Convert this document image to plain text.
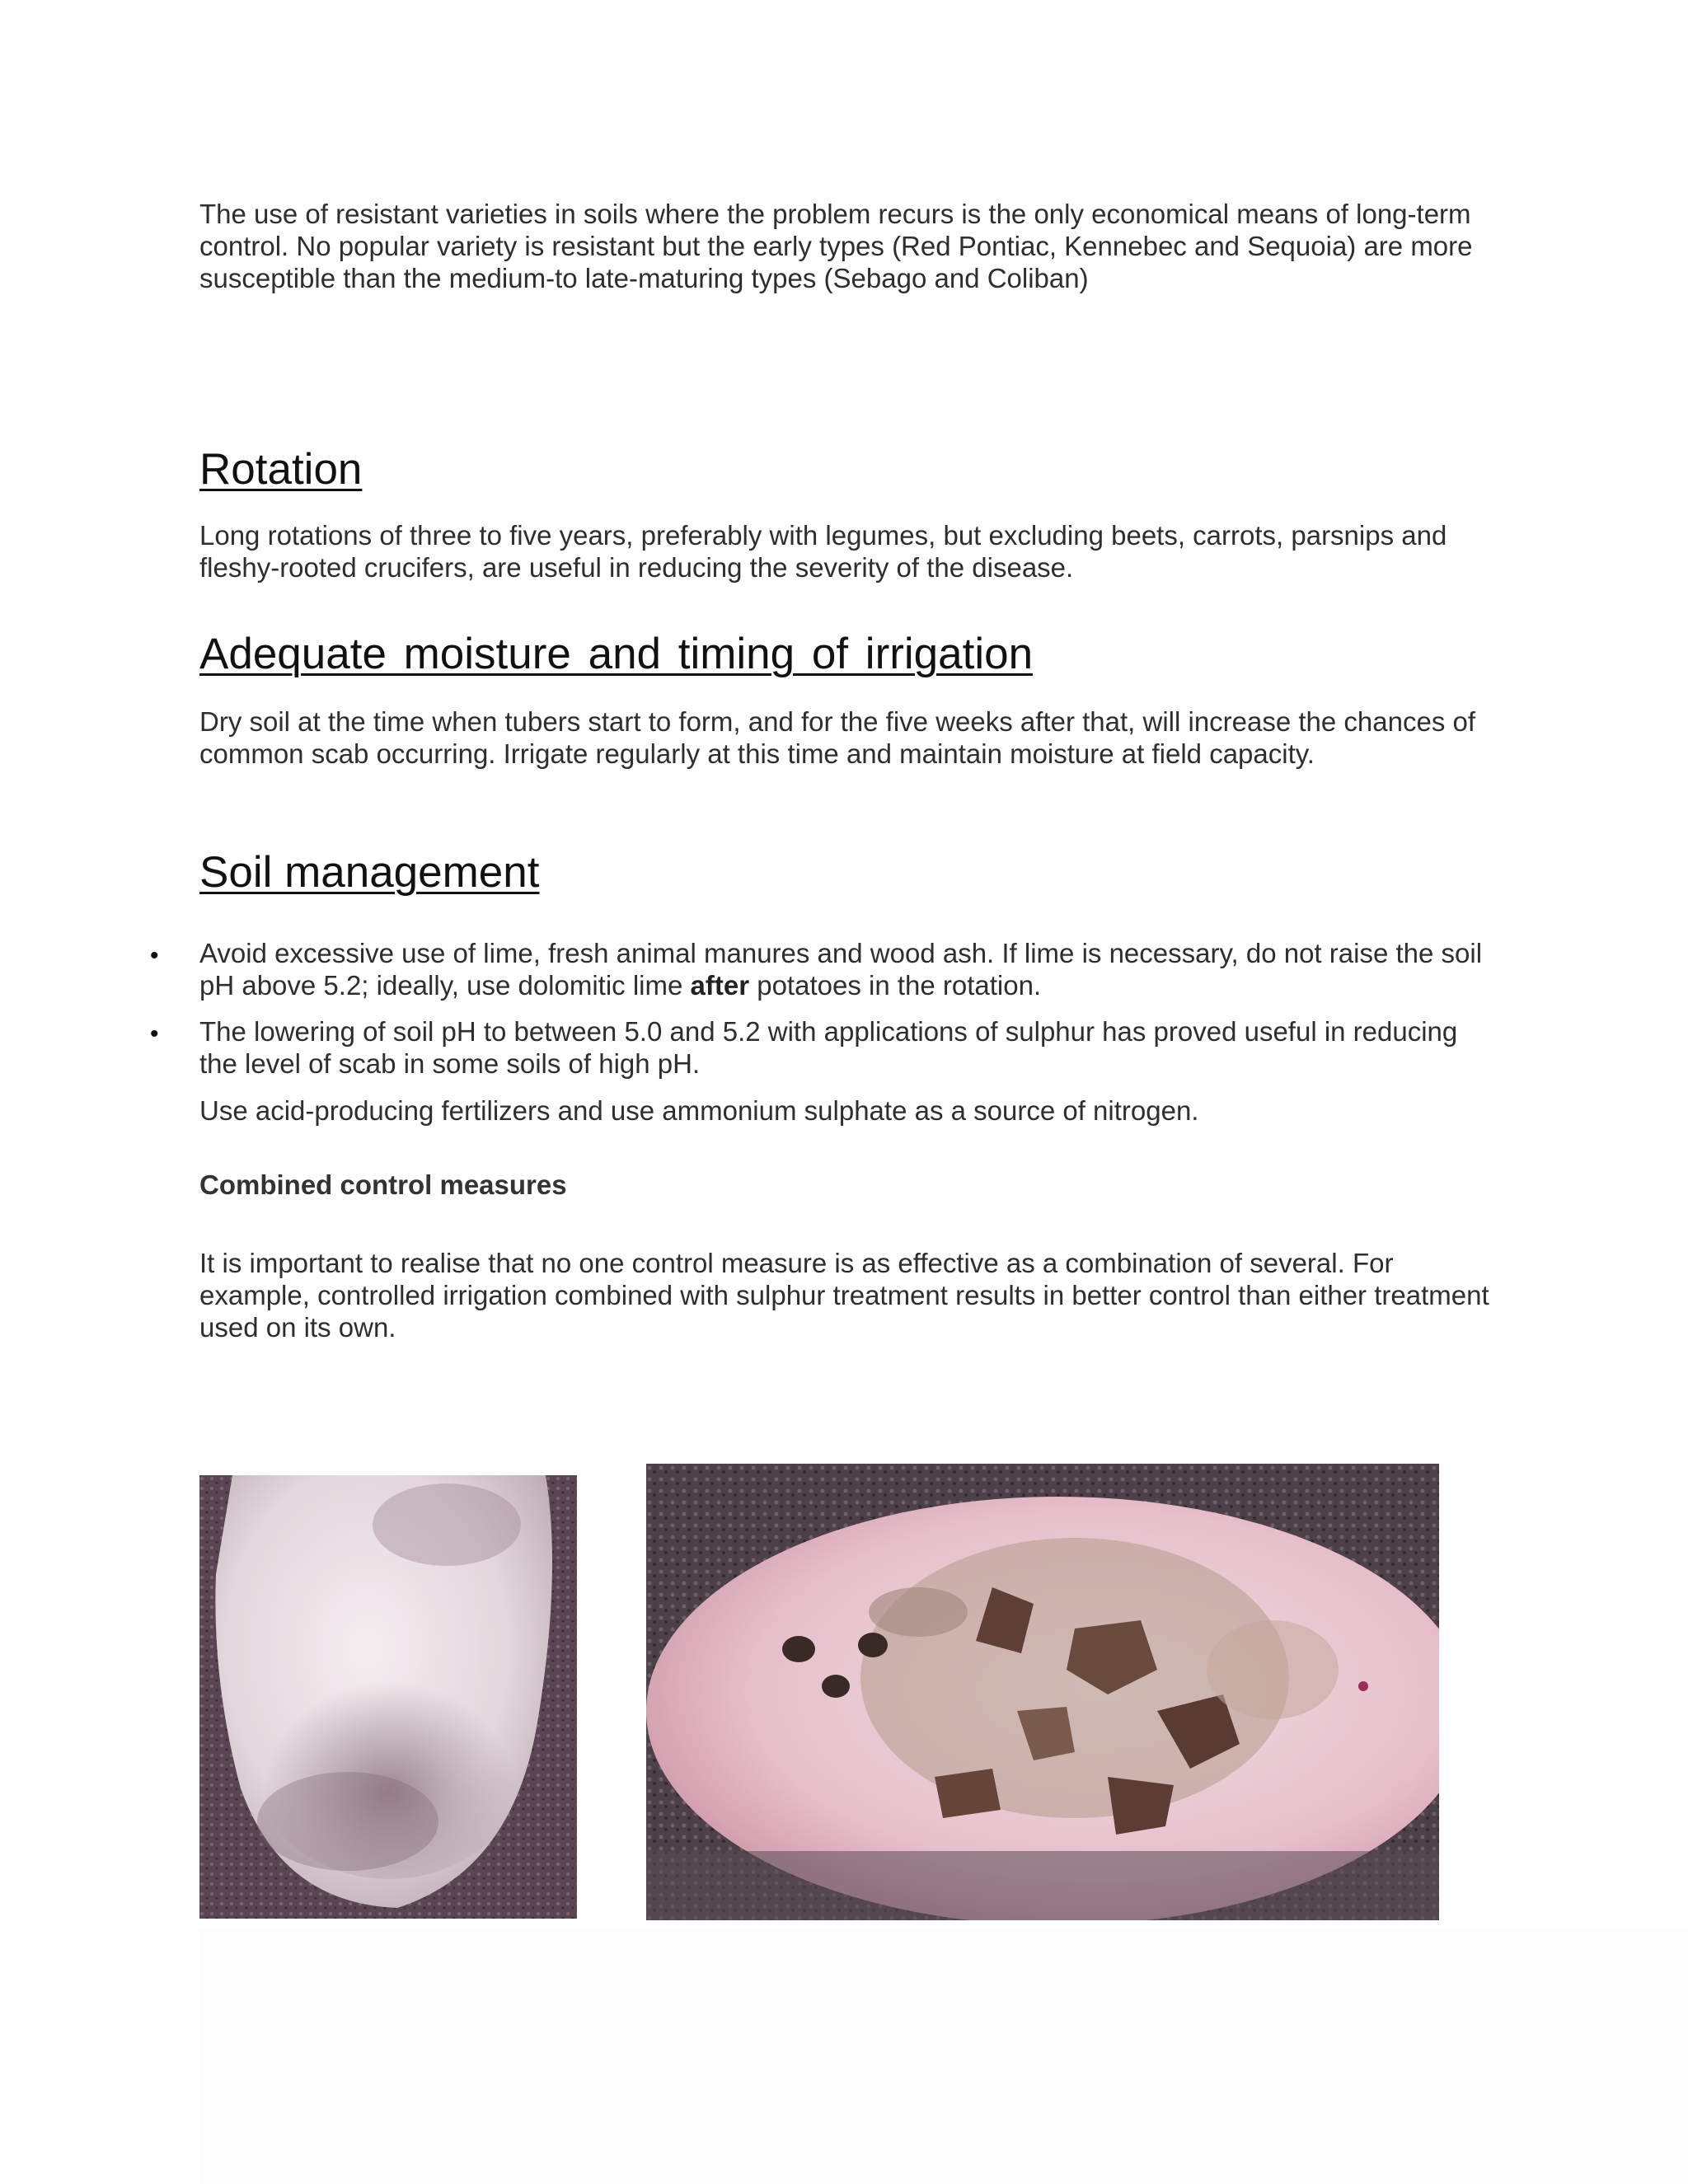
The use of resistant varieties in soils where the problem recurs is the only economical means of long-term control. No popular variety is resistant but the early types (Red Pontiac, Kennebec and Sequoia) are more susceptible than the medium-to late-maturing types (Sebago and Coliban)

Rotation

Long rotations of three to five years, preferably with legumes, but excluding beets, carrots, parsnips and fleshy-rooted crucifers, are useful in reducing the severity of the disease.

Adequate moisture and timing of irrigation

Dry soil at the time when tubers start to form, and for the five weeks after that, will increase the chances of common scab occurring. Irrigate regularly at this time and maintain moisture at field capacity.

Soil management
• Avoid excessive use of lime, fresh animal manures and wood ash. If lime is necessary, do not raise the soil pH above 5.2; ideally, use dolomitic lime after potatoes in the rotation.

• The lowering of soil pH to between 5.0 and 5.2 with applications of sulphur has proved useful in reducing the level of scab in some soils of high pH.

Use acid-producing fertilizers and use ammonium sulphate as a source of nitrogen.

Combined control measures

It is important to realise that no one control measure is as effective as a combination of several. For example, controlled irrigation combined with sulphur treatment results in better control than either treatment used on its own.
